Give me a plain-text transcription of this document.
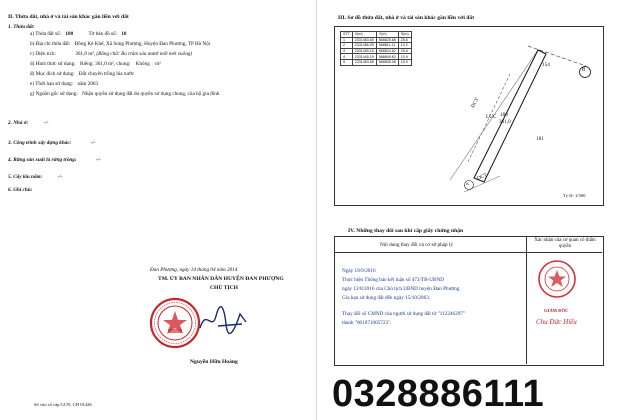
II. Thửa đất, nhà ở và tài sản khác gắn liền với đất
1. Thửa đất:
a) Thửa đất số: 180	Tờ bản đồ số: 10
b) Địa chỉ thửa đất: Đồng Kẻ Khế, Xã Song Phượng, Huyện Đan Phượng, TP Hà Nội
c) Diện tích:	361,0 m², (Bằng chữ: Ba trăm sáu mươi mốt mét vuông)
d) Hình thức sử dụng: Riêng: 361,0 m², chung: Không m²
đ) Mục đích sử dụng: Đất chuyên trồng lúa nước
e) Thời hạn sử dụng: năm 2063
g) Nguồn gốc sử dụng: Nhận quyền sử dụng đất do quyền sử dụng chung, của hộ gia đình
2. Nhà ở:	-/-
3. Công trình xây dựng khác:	-/-
4. Rừng sản xuất là rừng trồng:	-/-
5. Cây lâu năm:	-/-
6. Ghi chú:
Đan Phượng, ngày 14 tháng 04 năm 2014
TM. ỦY BAN NHÂN DÂN HUYỆN ĐAN PHƯỢNG
CHỦ TỊCH
Nguyễn Hữu Hoàng
Số vào sổ cấp GCN: CH 01426
III. Sơ đồ thửa đất, nhà ở và tài sản khác gắn liền với đất
STT	X(m)	Y(m)	S(m)
1	2331463.65	568825.68	25.6
2	2331466.39	568811.11	10.2
3	2331459.15	568824.62	25.6
4	2331445.19	568849.63	10.9
5	2331463.65	568835.06	15.9
B
A
154
180
361,0
LUC
181
DCT
DCT
Tỷ lệ: 1/500
IV. Những thay đổi sau khi cấp giấy chứng nhận
Nội dung thay đổi và cơ sở pháp lý
Xác nhận của cơ quan có thẩm quyền
Ngày 19/9/2016
Thực hiện Thông báo kết luận số 473/TB-UBND
ngày 12/8/2016 của Chủ tịch UBND huyện Đan Phượng
Gia hạn sử dụng đất đến ngày 15/10/2063.
Thay đổi số CMND của người sử dụng đất từ "112246297"
thành "001071005723".
GIÁM ĐỐC
Chu Đức Hiếu
0328886111
